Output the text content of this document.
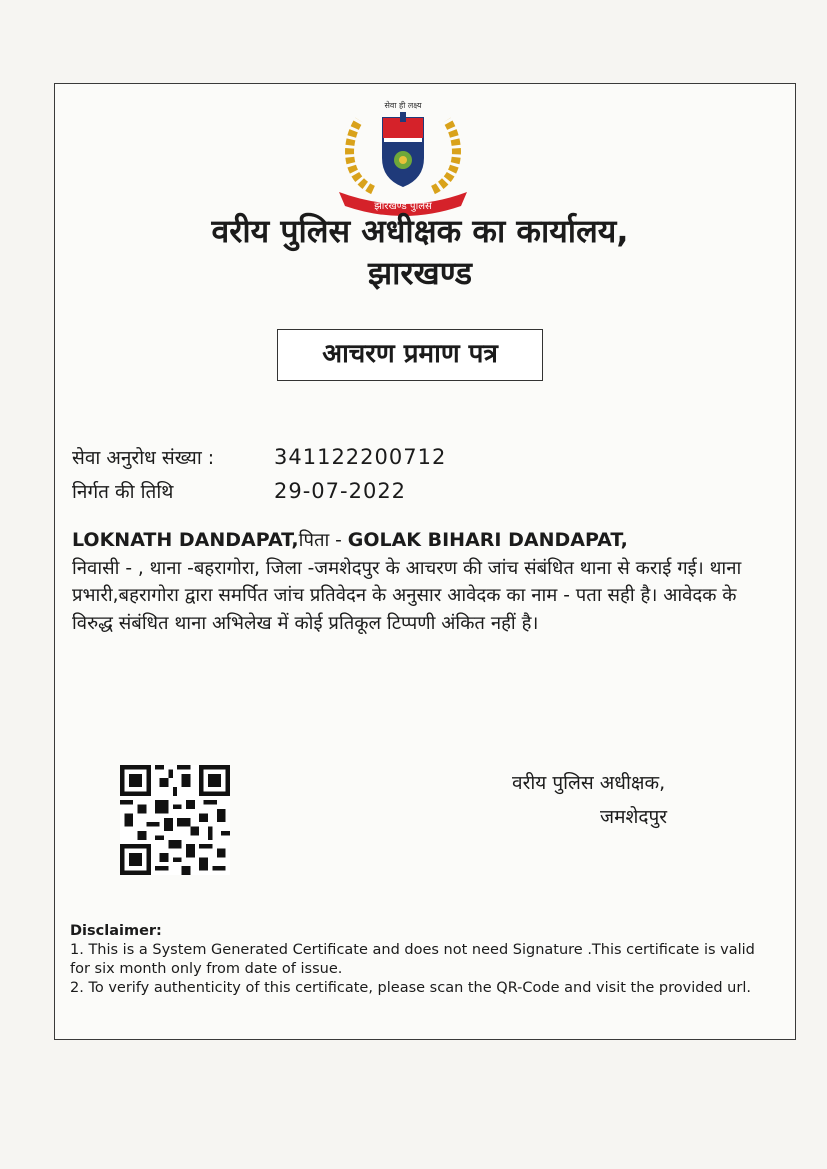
झारखण्ड पुलिस
सेवा ही लक्ष्य
वरीय पुलिस अधीक्षक का कार्यालय,
झारखण्ड
आचरण प्रमाण पत्र
सेवा अनुरोध संख्या :	341122200712
निर्गत की तिथि	29-07-2022
LOKNATH DANDAPAT,पिता - GOLAK BIHARI DANDAPAT,
निवासी - , थाना -बहरागोरा, जिला -जमशेदपुर के आचरण की जांच संबंधित थाना से कराई गई। थाना प्रभारी,बहरागोरा द्वारा समर्पित जांच प्रतिवेदन के अनुसार आवेदक का नाम - पता सही है। आवेदक के विरुद्ध संबंधित थाना अभिलेख में कोई प्रतिकूल टिप्पणी अंकित नहीं है।
वरीय पुलिस अधीक्षक,
जमशेदपुर

Disclaimer:

1. This is a System Generated Certificate and does not need Signature .This certificate is valid for six month only from date of issue.

2. To verify authenticity of this certificate, please scan the QR-Code and visit the provided url.
